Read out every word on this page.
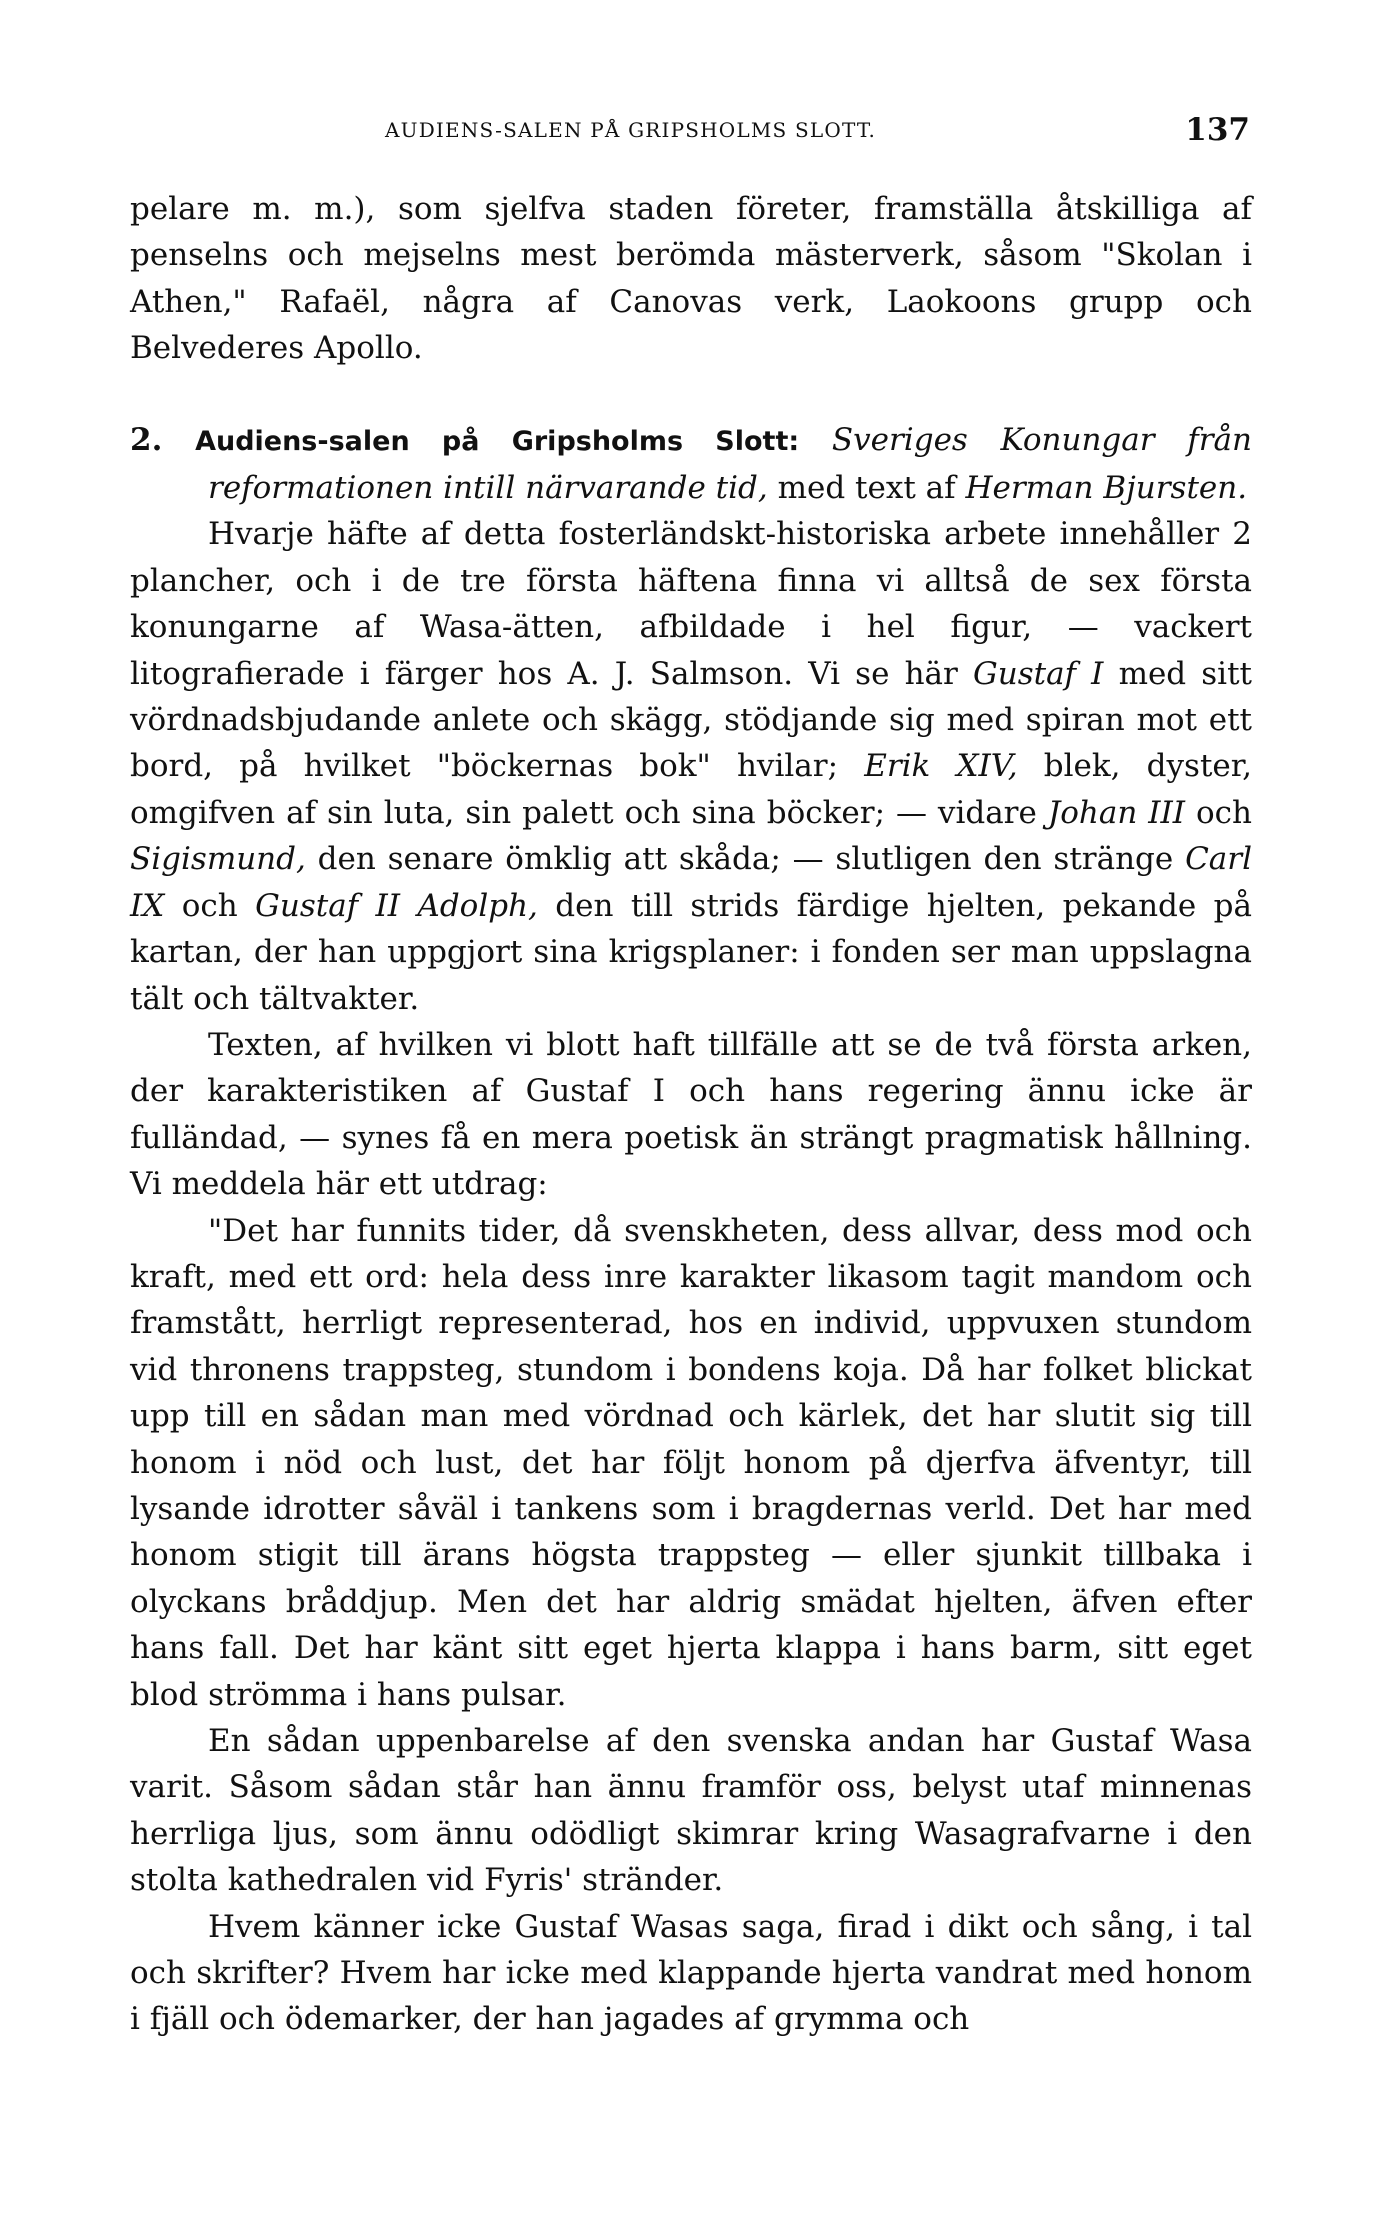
AUDIENS-SALEN PÅ GRIPSHOLMS SLOTT.	137

pelare m. m.), som sjelfva staden företer, framställa åtskilliga af penselns och mejselns mest berömda mästerverk, såsom "Skolan i Athen," Rafaël, några af Canovas verk, Laokoons grupp och Belvederes Apollo.

2. Audiens-salen på Gripsholms Slott: Sveriges Konungar från reformationen intill närvarande tid, med text af Herman Bjursten.

Hvarje häfte af detta fosterländskt-historiska arbete innehåller 2 plancher, och i de tre första häftena finna vi alltså de sex första konungarne af Wasa-ätten, afbildade i hel figur, — vackert litografierade i färger hos A. J. Salmson. Vi se här Gustaf I med sitt vördnadsbjudande anlete och skägg, stödjande sig med spiran mot ett bord, på hvilket "böckernas bok" hvilar; Erik XIV, blek, dyster, omgifven af sin luta, sin palett och sina böcker; — vidare Johan III och Sigismund, den senare ömklig att skåda; — slutligen den stränge Carl IX och Gustaf II Adolph, den till strids färdige hjelten, pekande på kartan, der han uppgjort sina krigsplaner: i fonden ser man uppslagna tält och tältvakter.

Texten, af hvilken vi blott haft tillfälle att se de två första arken, der karakteristiken af Gustaf I och hans regering ännu icke är fulländad, — synes få en mera poetisk än strängt pragmatisk hållning. Vi meddela här ett utdrag:

"Det har funnits tider, då svenskheten, dess allvar, dess mod och kraft, med ett ord: hela dess inre karakter likasom tagit mandom och framstått, herrligt representerad, hos en individ, uppvuxen stundom vid thronens trappsteg, stundom i bondens koja. Då har folket blickat upp till en sådan man med vördnad och kärlek, det har slutit sig till honom i nöd och lust, det har följt honom på djerfva äfventyr, till lysande idrotter såväl i tankens som i bragdernas verld. Det har med honom stigit till ärans högsta trappsteg — eller sjunkit tillbaka i olyckans bråddjup. Men det har aldrig smädat hjelten, äfven efter hans fall. Det har känt sitt eget hjerta klappa i hans barm, sitt eget blod strömma i hans pulsar.

En sådan uppenbarelse af den svenska andan har Gustaf Wasa varit. Såsom sådan står han ännu framför oss, belyst utaf minnenas herrliga ljus, som ännu odödligt skimrar kring Wasagrafvarne i den stolta kathedralen vid Fyris' stränder.

Hvem känner icke Gustaf Wasas saga, firad i dikt och sång, i tal och skrifter? Hvem har icke med klappande hjerta vandrat med honom i fjäll och ödemarker, der han jagades af grymma och
